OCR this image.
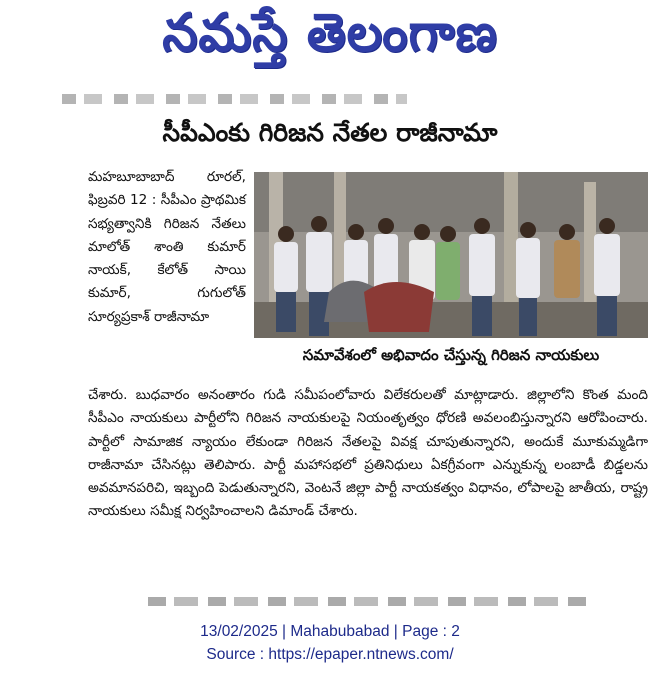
నమస్తే తెలంగాణ
సీపీఎంకు గిరిజన నేతల రాజీనామా
మహబూబాబాద్ రూరల్, ఫిబ్రవరి 12 : సీపీఎం ప్రాథమిక సభ్యత్వానికి గిరిజన నేతలు మాలోత్ శాంతి కుమార్ నాయక్, కేలోత్ సాయి కుమార్, గుగులోత్ సూర్యప్రకాశ్ రాజీనామా
సమావేశంలో అభివాదం చేస్తున్న గిరిజన నాయకులు

చేశారు. బుధవారం అనంతారం గుడి సమీపంలోవారు విలేకరులతో మాట్లాడారు. జిల్లాలోని కొంత మంది సీపీఎం నాయకులు పార్టీలోని గిరిజన నాయకులపై నియంతృత్వం ధోరణి అవలంబిస్తున్నారని ఆరోపించారు. పార్టీలో సామాజిక న్యాయం లేకుండా గిరిజన నేతలపై వివక్ష చూపుతున్నారని, అందుకే మూకుమ్మడిగా రాజీనామా చేసినట్లు తెలిపారు. పార్టీ మహాసభలో ప్రతినిధులు ఏకగ్రీవంగా ఎన్నుకున్న లంబాడీ బిడ్డలను అవమానపరిచి, ఇబ్బంది పెడుతున్నారని, వెంటనే జిల్లా పార్టీ నాయకత్వం విధానం, లోపాలపై జాతీయ, రాష్ట్ర నాయకులు సమీక్ష నిర్వహించాలని డిమాండ్ చేశారు.

13/02/2025 | Mahabubabad | Page : 2
Source : https://epaper.ntnews.com/
